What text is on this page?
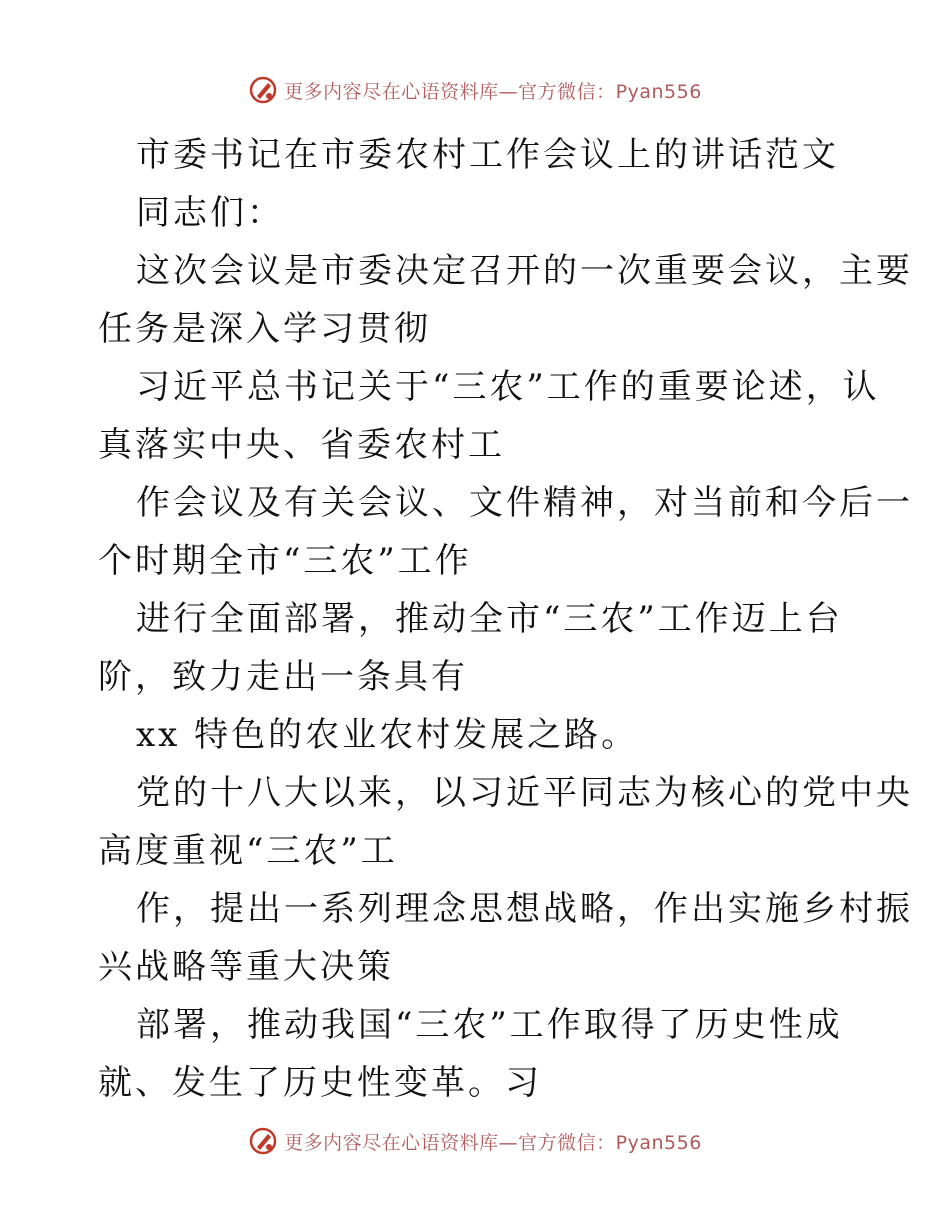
更多内容尽在心语资料库—官方微信：Pyan556
市委书记在市委农村工作会议上的讲话范文
同志们：
这次会议是市委决定召开的一次重要会议，主要
任务是深入学习贯彻
习近平总书记关于“三农”工作的重要论述，认
真落实中央、省委农村工
作会议及有关会议、文件精神，对当前和今后一
个时期全市“三农”工作
进行全面部署，推动全市“三农”工作迈上台
阶，致力走出一条具有
xx 特色的农业农村发展之路。
党的十八大以来，以习近平同志为核心的党中央
高度重视“三农”工
作，提出一系列理念思想战略，作出实施乡村振
兴战略等重大决策
部署，推动我国“三农”工作取得了历史性成
就、发生了历史性变革。习
更多内容尽在心语资料库—官方微信：Pyan556
